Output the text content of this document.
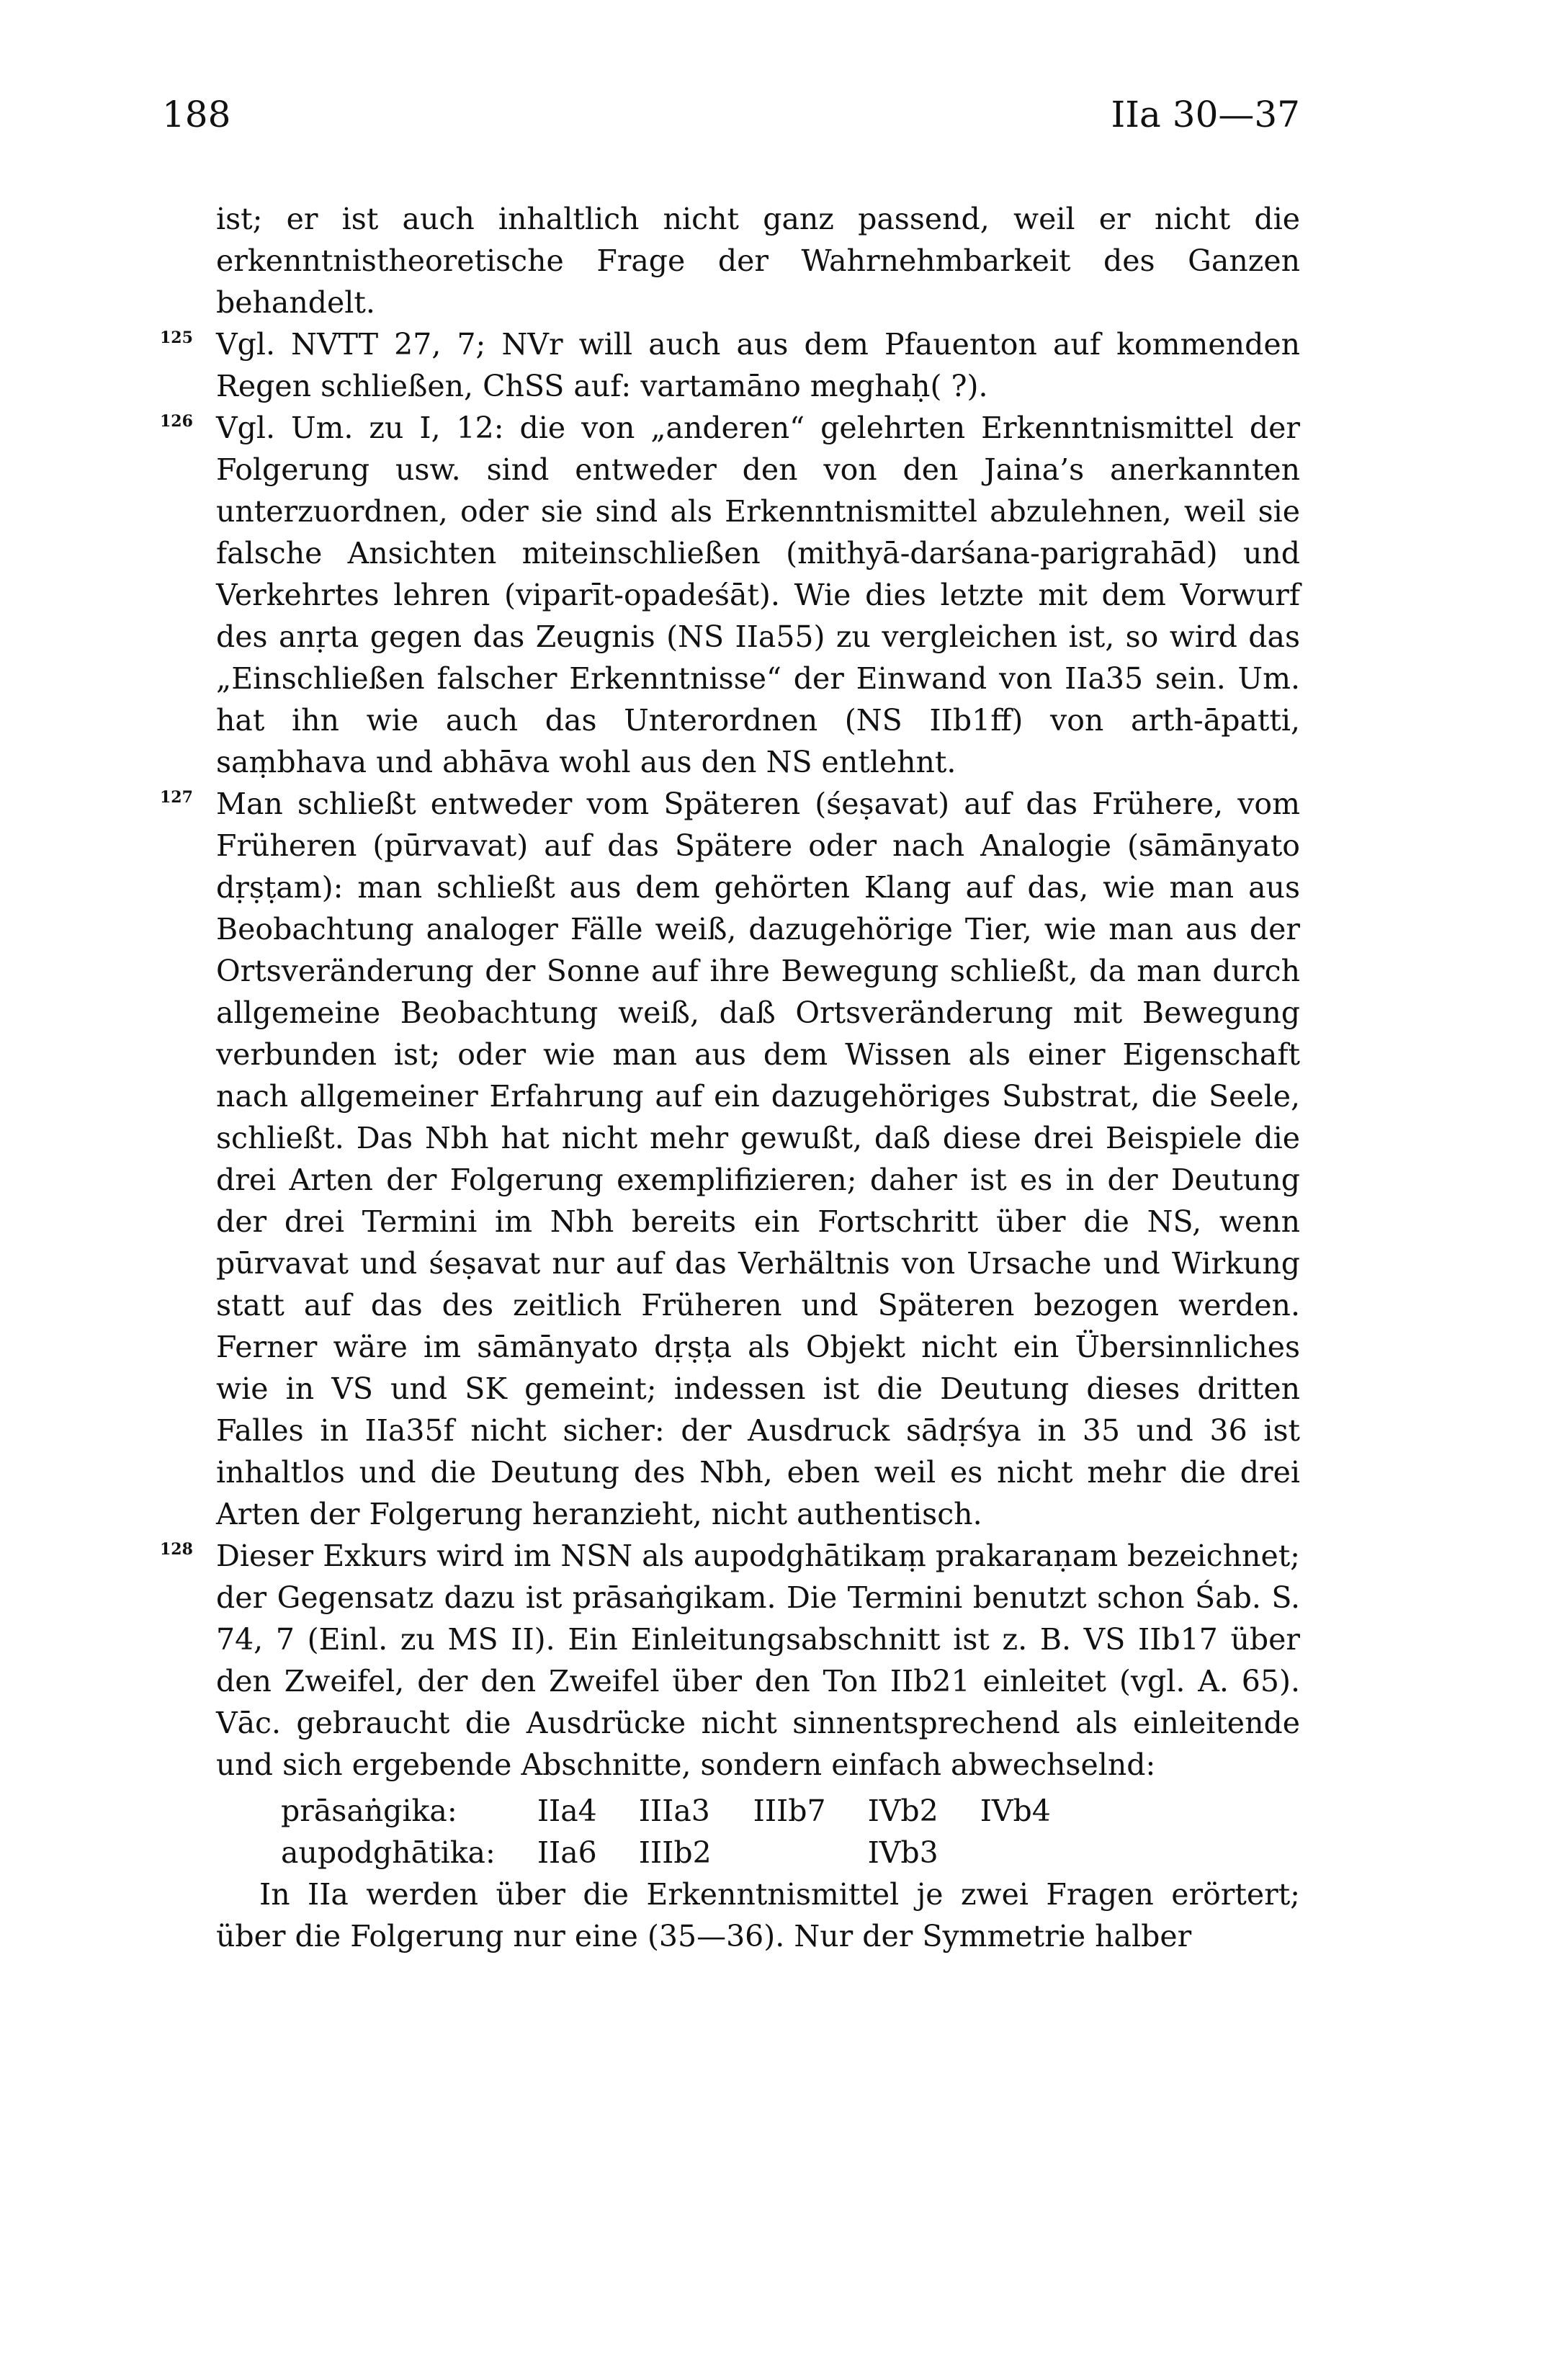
188	IIa 30—37

ist; er ist auch inhaltlich nicht ganz passend, weil er nicht die erkenntnistheoretische Frage der Wahrnehmbarkeit des Ganzen behandelt.

125 Vgl. NVTT 27, 7; NVr will auch aus dem Pfauenton auf kommenden Regen schließen, ChSS auf: vartamāno meghaḥ( ?).

126 Vgl. Um. zu I, 12: die von „anderen“ gelehrten Erkenntnismittel der Folgerung usw. sind entweder den von den Jaina’s anerkannten unterzuordnen, oder sie sind als Erkenntnismittel abzulehnen, weil sie falsche Ansichten miteinschließen (mithyā-darśana-parigrahād) und Verkehrtes lehren (viparīt-opadeśāt). Wie dies letzte mit dem Vorwurf des anṛta gegen das Zeugnis (NS IIa55) zu vergleichen ist, so wird das „Einschließen falscher Erkenntnisse“ der Einwand von IIa35 sein. Um. hat ihn wie auch das Unterordnen (NS IIb1ff) von arth-āpatti, saṃbhava und abhāva wohl aus den NS entlehnt.

127 Man schließt entweder vom Späteren (śeṣavat) auf das Frühere, vom Früheren (pūrvavat) auf das Spätere oder nach Analogie (sāmānyato dṛṣṭam): man schließt aus dem gehörten Klang auf das, wie man aus Beobachtung analoger Fälle weiß, dazugehörige Tier, wie man aus der Ortsveränderung der Sonne auf ihre Bewegung schließt, da man durch allgemeine Beobachtung weiß, daß Ortsveränderung mit Bewegung verbunden ist; oder wie man aus dem Wissen als einer Eigenschaft nach allgemeiner Erfahrung auf ein dazugehöriges Substrat, die Seele, schließt. Das Nbh hat nicht mehr gewußt, daß diese drei Beispiele die drei Arten der Folgerung exemplifizieren; daher ist es in der Deutung der drei Termini im Nbh bereits ein Fortschritt über die NS, wenn pūrvavat und śeṣavat nur auf das Verhältnis von Ursache und Wirkung statt auf das des zeitlich Früheren und Späteren bezogen werden. Ferner wäre im sāmānyato dṛṣṭa als Objekt nicht ein Übersinnliches wie in VS und SK gemeint; indessen ist die Deutung dieses dritten Falles in IIa35f nicht sicher: der Ausdruck sādṛśya in 35 und 36 ist inhaltlos und die Deutung des Nbh, eben weil es nicht mehr die drei Arten der Folgerung heranzieht, nicht authentisch.

128 Dieser Exkurs wird im NSN als aupodghātikaṃ prakaraṇam bezeichnet; der Gegensatz dazu ist prāsaṅgikam. Die Termini benutzt schon Śab. S. 74, 7 (Einl. zu MS II). Ein Einleitungsabschnitt ist z. B. VS IIb17 über den Zweifel, der den Zweifel über den Ton IIb21 einleitet (vgl. A. 65). Vāc. gebraucht die Ausdrücke nicht sinnentsprechend als einleitende und sich ergebende Abschnitte, sondern einfach abwechselnd:

prāsaṅgika:	IIa4	IIIa3	IIIb7	IVb2	IVb4
aupodghātika:	IIa6	IIIb2		IVb3	

In IIa werden über die Erkenntnismittel je zwei Fragen erörtert; über die Folgerung nur eine (35—36). Nur der Symmetrie halber
